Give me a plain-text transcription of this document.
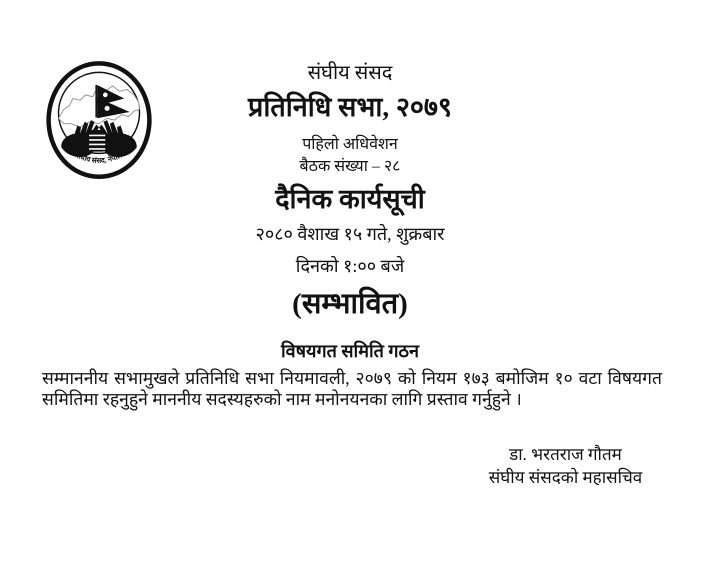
संघीय संसद, नेपाल
संघीय संसद
प्रतिनिधि सभा, २०७९
पहिलो अधिवेशन
बैठक संख्या – २८
दैनिक कार्यसूची
२०८० वैशाख १५ गते, शुक्रबार
दिनको १:०० बजे
(सम्भावित)
विषयगत समिति गठन
सम्माननीय सभामुखले प्रतिनिधि सभा नियमावली, २०७९ को नियम १७३ बमोजिम १० वटा विषयगत समितिमा रहनुहुने माननीय सदस्यहरुको नाम मनोनयनका लागि प्रस्ताव गर्नुहुने ।
डा. भरतराज गौतम
संघीय संसदको महासचिव
